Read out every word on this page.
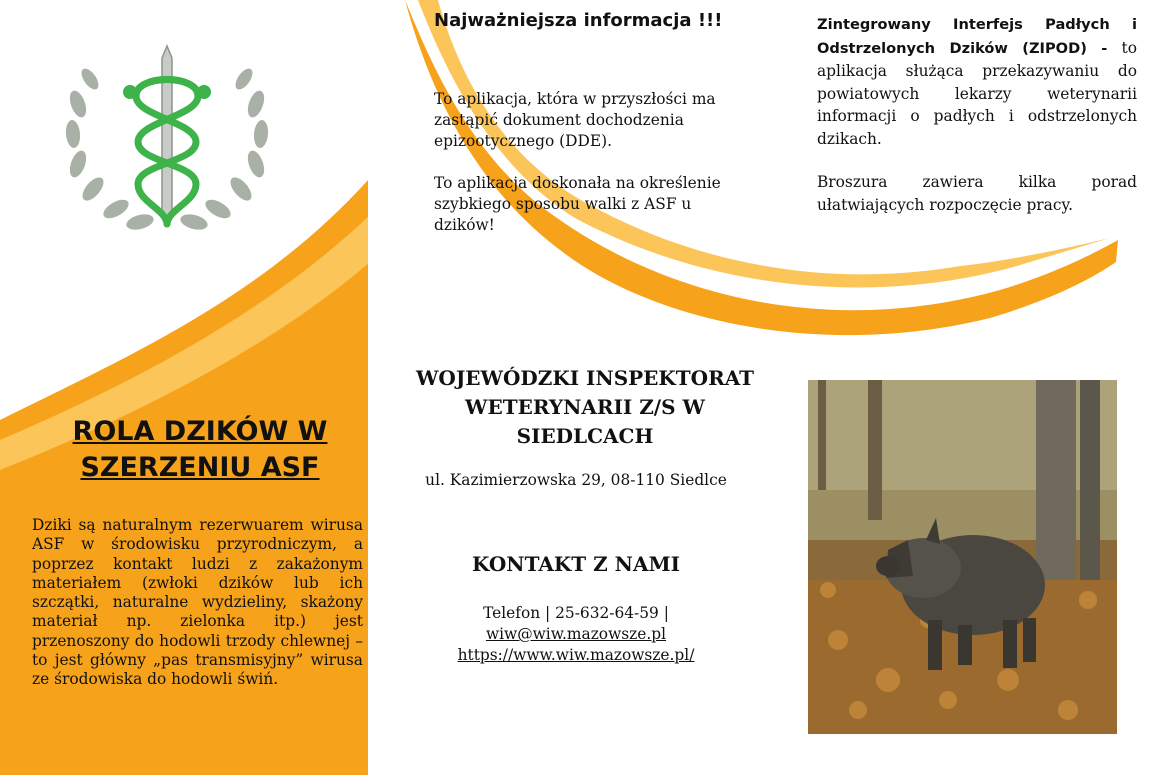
ROLA DZIKÓW W
SZERZENIU ASF
Dziki są naturalnym rezerwuarem wirusa ASF w środowisku przyrodniczym, a poprzez kontakt ludzi z zakażonym materiałem (zwłoki dzików lub ich szczątki, naturalne wydzieliny, skażony materiał np. zielonka itp.) jest przenoszony do hodowli trzody chlewnej – to jest główny „pas transmisyjny” wirusa ze środowiska do hodowli świń.
Najważniejsza informacja !!!
To aplikacja, która w przyszłości ma zastąpić dokument dochodzenia epizootycznego (DDE).
To aplikacja doskonała na określenie szybkiego sposobu walki z ASF u dzików!
Zintegrowany Interfejs Padłych i Odstrzelonych Dzików (ZIPOD) - to aplikacja służąca przekazywaniu do powiatowych lekarzy weterynarii informacji o padłych i odstrzelonych dzikach.
Broszura zawiera kilka porad ułatwiających rozpoczęcie pracy.
WOJEWÓDZKI INSPEKTORAT
WETERYNARII Z/S W
SIEDLCACH
ul. Kazimierzowska 29, 08-110 Siedlce
KONTAKT Z NAMI
Telefon | 25-632-64-59 |
wiw@wiw.mazowsze.pl
https://www.wiw.mazowsze.pl/
